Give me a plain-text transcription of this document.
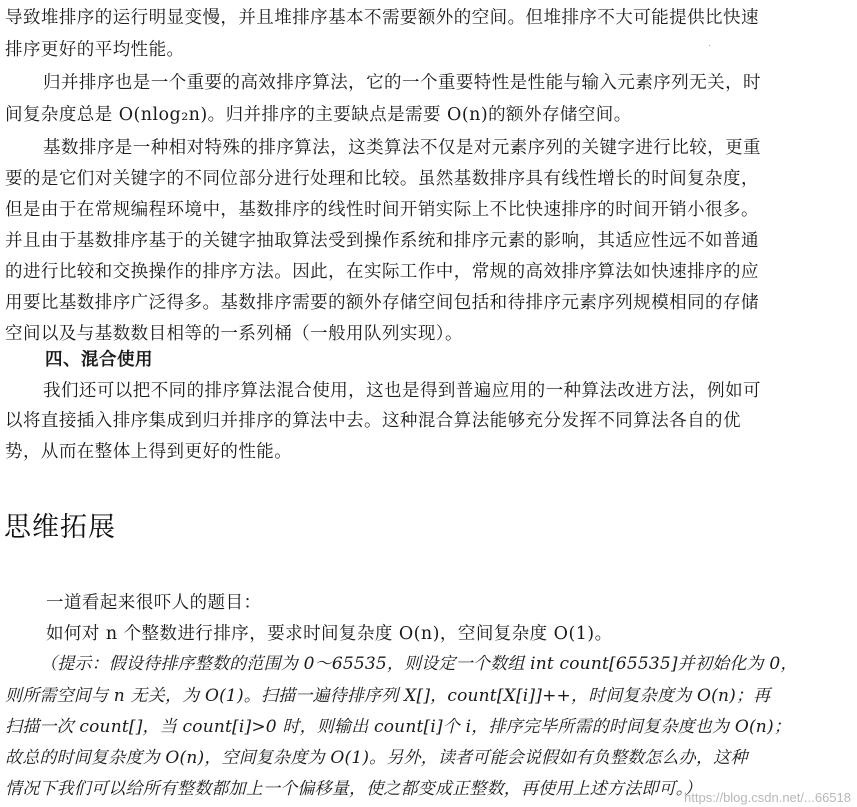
导致堆排序的运行明显变慢，并且堆排序基本不需要额外的空间。但堆排序不大可能提供比快速
排序更好的平均性能。
归并排序也是一个重要的高效排序算法，它的一个重要特性是性能与输入元素序列无关，时
间复杂度总是 O(nlog₂n)。归并排序的主要缺点是需要 O(n)的额外存储空间。
基数排序是一种相对特殊的排序算法，这类算法不仅是对元素序列的关键字进行比较，更重
要的是它们对关键字的不同位部分进行处理和比较。虽然基数排序具有线性增长的时间复杂度，
但是由于在常规编程环境中，基数排序的线性时间开销实际上不比快速排序的时间开销小很多。
并且由于基数排序基于的关键字抽取算法受到操作系统和排序元素的影响，其适应性远不如普通
的进行比较和交换操作的排序方法。因此，在实际工作中，常规的高效排序算法如快速排序的应
用要比基数排序广泛得多。基数排序需要的额外存储空间包括和待排序元素序列规模相同的存储
空间以及与基数数目相等的一系列桶（一般用队列实现）。
四、混合使用
我们还可以把不同的排序算法混合使用，这也是得到普遍应用的一种算法改进方法，例如可
以将直接插入排序集成到归并排序的算法中去。这种混合算法能够充分发挥不同算法各自的优
势，从而在整体上得到更好的性能。
思维拓展
一道看起来很吓人的题目：
如何对 n 个整数进行排序，要求时间复杂度 O(n)，空间复杂度 O(1)。
（提示：假设待排序整数的范围为 0～65535，则设定一个数组 int count[65535]并初始化为 0，
则所需空间与 n 无关，为 O(1)。扫描一遍待排序列 X[]，count[X[i]]++，时间复杂度为 O(n)；再
扫描一次 count[]，当 count[i]>0 时，则输出 count[i]个 i，排序完毕所需的时间复杂度也为 O(n)；
故总的时间复杂度为 O(n)，空间复杂度为 O(1)。另外，读者可能会说假如有负整数怎么办，这种
情况下我们可以给所有整数都加上一个偏移量，使之都变成正整数，再使用上述方法即可。）
·
https://blog.csdn.net/...66518
